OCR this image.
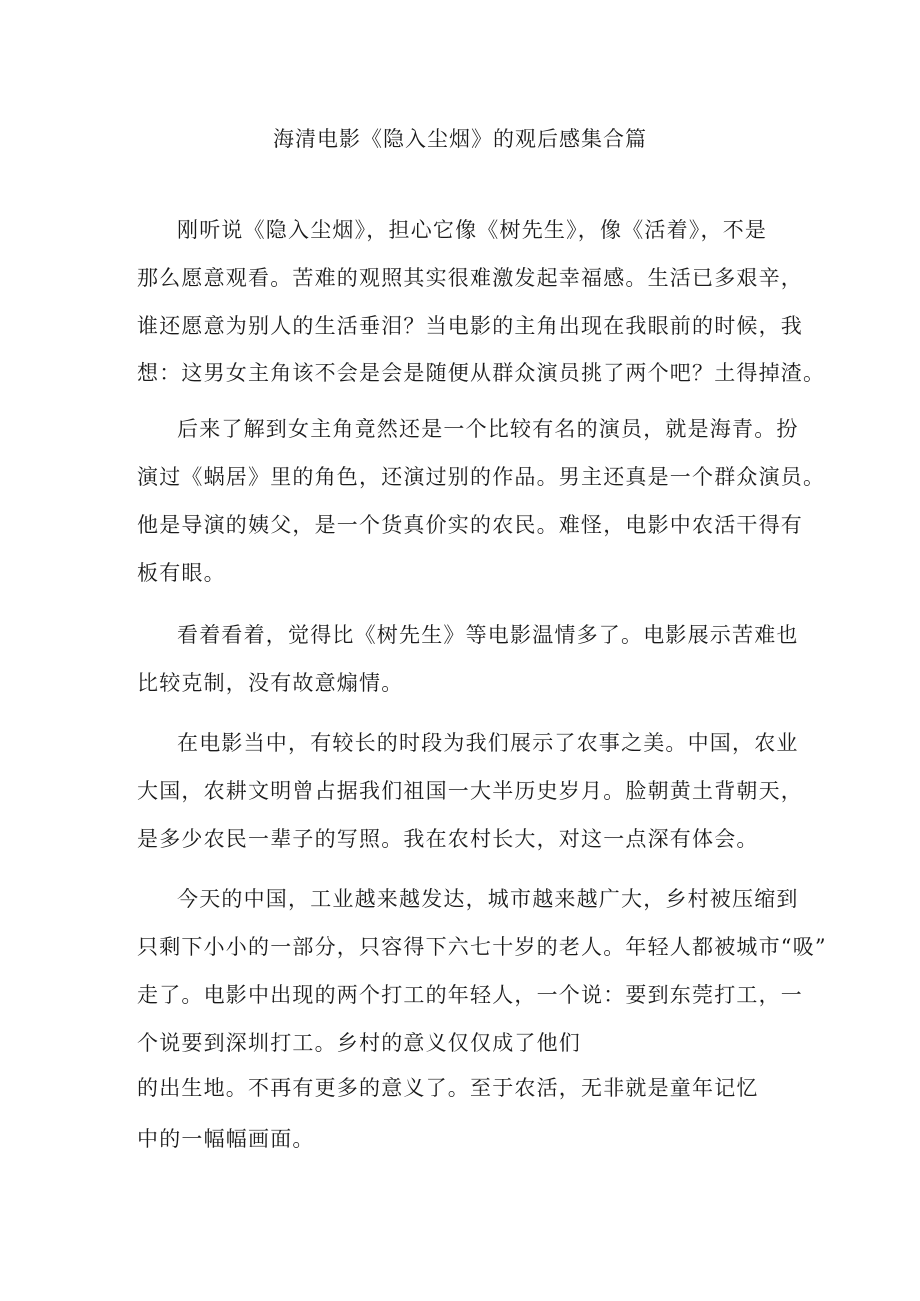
海清电影《隐入尘烟》的观后感集合篇
刚听说《隐入尘烟》，担心它像《树先生》，像《活着》，不是
那么愿意观看。苦难的观照其实很难激发起幸福感。生活已多艰辛，
谁还愿意为别人的生活垂泪？当电影的主角出现在我眼前的时候，我
想：这男女主角该不会是会是随便从群众演员挑了两个吧？土得掉渣。
后来了解到女主角竟然还是一个比较有名的演员，就是海青。扮
演过《蜗居》里的角色，还演过别的作品。男主还真是一个群众演员。
他是导演的姨父，是一个货真价实的农民。难怪，电影中农活干得有
板有眼。
看着看着，觉得比《树先生》等电影温情多了。电影展示苦难也
比较克制，没有故意煽情。
在电影当中，有较长的时段为我们展示了农事之美。中国，农业
大国，农耕文明曾占据我们祖国一大半历史岁月。脸朝黄土背朝天，
是多少农民一辈子的写照。我在农村长大，对这一点深有体会。
今天的中国，工业越来越发达，城市越来越广大，乡村被压缩到
只剩下小小的一部分，只容得下六七十岁的老人。年轻人都被城市“吸”
走了。电影中出现的两个打工的年轻人，一个说：要到东莞打工，一
个说要到深圳打工。乡村的意义仅仅成了他们
的出生地。不再有更多的意义了。至于农活，无非就是童年记忆
中的一幅幅画面。
